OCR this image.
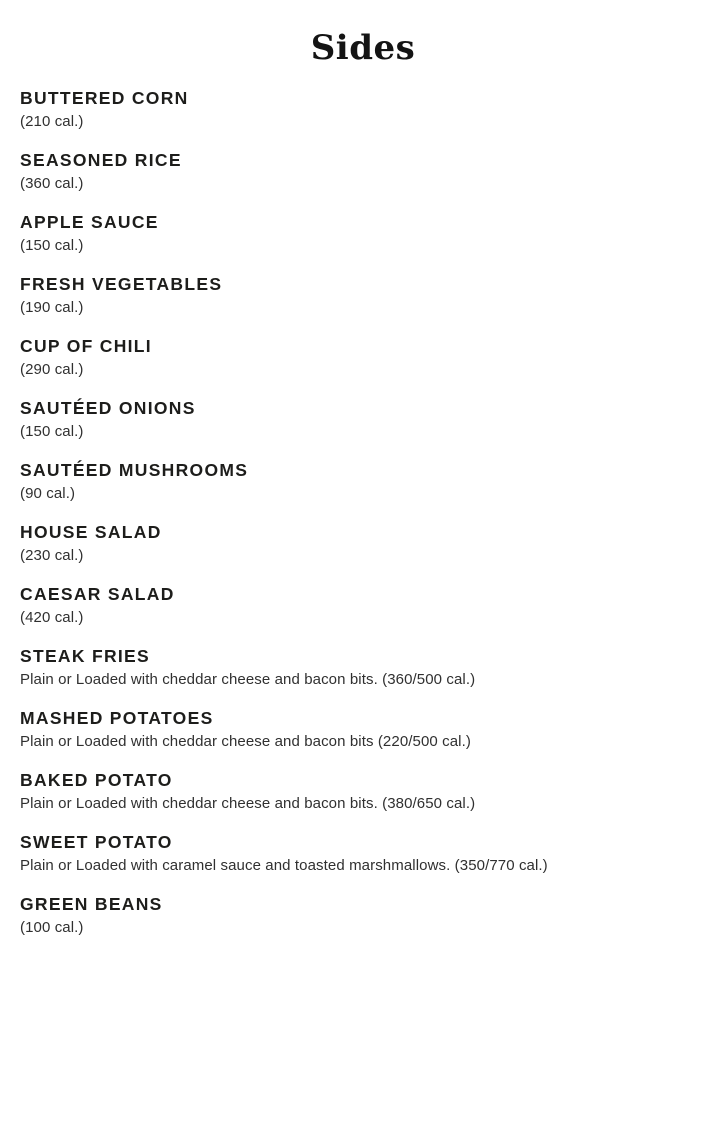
Sides
BUTTERED CORN

(210 cal.)

SEASONED RICE

(360 cal.)

APPLE SAUCE

(150 cal.)

FRESH VEGETABLES

(190 cal.)

CUP OF CHILI

(290 cal.)

SAUTÉED ONIONS

(150 cal.)

SAUTÉED MUSHROOMS

(90 cal.)

HOUSE SALAD

(230 cal.)

CAESAR SALAD

(420 cal.)

STEAK FRIES

Plain or Loaded with cheddar cheese and bacon bits. (360/500 cal.)

MASHED POTATOES

Plain or Loaded with cheddar cheese and bacon bits (220/500 cal.)

BAKED POTATO

Plain or Loaded with cheddar cheese and bacon bits. (380/650 cal.)

SWEET POTATO

Plain or Loaded with caramel sauce and toasted marshmallows. (350/770 cal.)

GREEN BEANS

(100 cal.)
